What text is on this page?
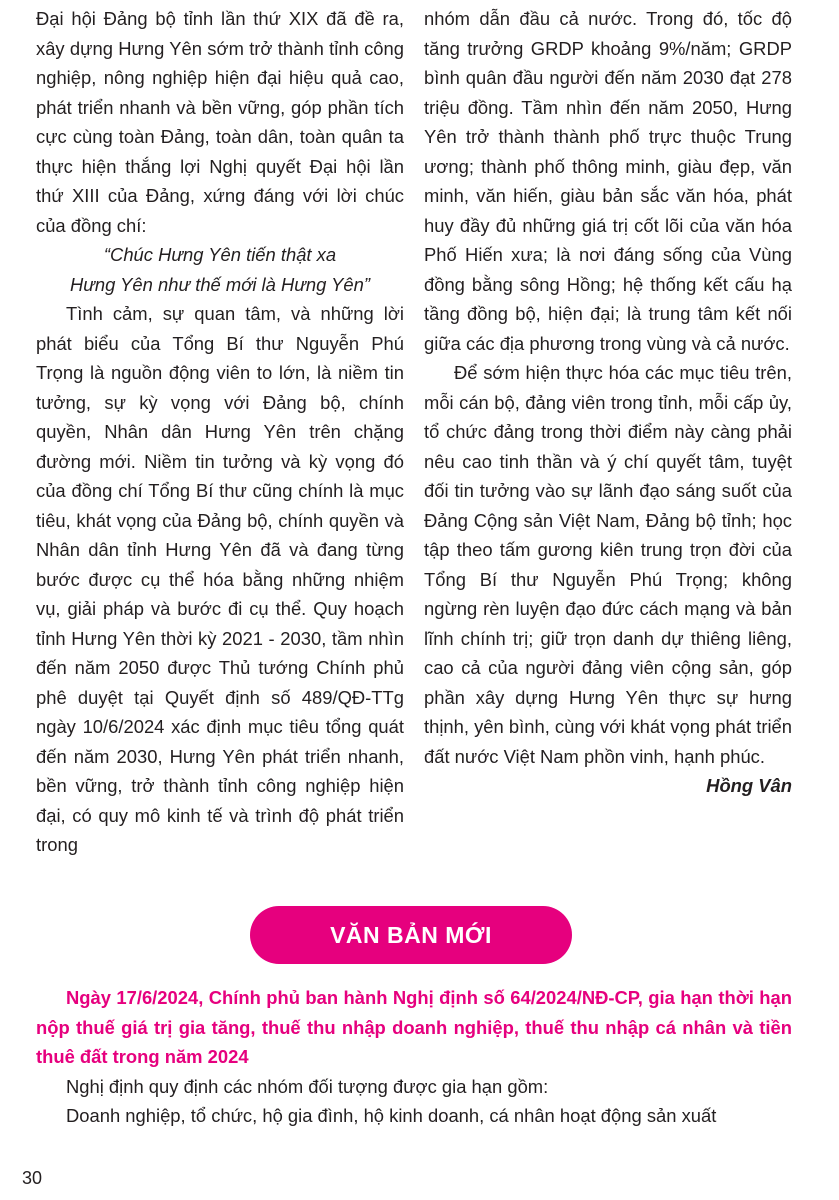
Đại hội Đảng bộ tỉnh lần thứ XIX đã đề ra, xây dựng Hưng Yên sớm trở thành tỉnh công nghiệp, nông nghiệp hiện đại hiệu quả cao, phát triển nhanh và bền vững, góp phần tích cực cùng toàn Đảng, toàn dân, toàn quân ta thực hiện thắng lợi Nghị quyết Đại hội lần thứ XIII của Đảng, xứng đáng với lời chúc của đồng chí:

“Chúc Hưng Yên tiến thật xa

Hưng Yên như thế mới là Hưng Yên”

Tình cảm, sự quan tâm, và những lời phát biểu của Tổng Bí thư Nguyễn Phú Trọng là nguồn động viên to lớn, là niềm tin tưởng, sự kỳ vọng với Đảng bộ, chính quyền, Nhân dân Hưng Yên trên chặng đường mới. Niềm tin tưởng và kỳ vọng đó của đồng chí Tổng Bí thư cũng chính là mục tiêu, khát vọng của Đảng bộ, chính quyền và Nhân dân tỉnh Hưng Yên đã và đang từng bước được cụ thể hóa bằng những nhiệm vụ, giải pháp và bước đi cụ thể. Quy hoạch tỉnh Hưng Yên thời kỳ 2021 - 2030, tầm nhìn đến năm 2050 được Thủ tướng Chính phủ phê duyệt tại Quyết định số 489/QĐ-TTg ngày 10/6/2024 xác định mục tiêu tổng quát đến năm 2030, Hưng Yên phát triển nhanh, bền vững, trở thành tỉnh công nghiệp hiện đại, có quy mô kinh tế và trình độ phát triển trong

nhóm dẫn đầu cả nước. Trong đó, tốc độ tăng trưởng GRDP khoảng 9%/năm; GRDP bình quân đầu người đến năm 2030 đạt 278 triệu đồng. Tầm nhìn đến năm 2050, Hưng Yên trở thành thành phố trực thuộc Trung ương; thành phố thông minh, giàu đẹp, văn minh, văn hiến, giàu bản sắc văn hóa, phát huy đầy đủ những giá trị cốt lõi của văn hóa Phố Hiến xưa; là nơi đáng sống của Vùng đồng bằng sông Hồng; hệ thống kết cấu hạ tầng đồng bộ, hiện đại; là trung tâm kết nối giữa các địa phương trong vùng và cả nước.

Để sớm hiện thực hóa các mục tiêu trên, mỗi cán bộ, đảng viên trong tỉnh, mỗi cấp ủy, tổ chức đảng trong thời điểm này càng phải nêu cao tinh thần và ý chí quyết tâm, tuyệt đối tin tưởng vào sự lãnh đạo sáng suốt của Đảng Cộng sản Việt Nam, Đảng bộ tỉnh; học tập theo tấm gương kiên trung trọn đời của Tổng Bí thư Nguyễn Phú Trọng; không ngừng rèn luyện đạo đức cách mạng và bản lĩnh chính trị; giữ trọn danh dự thiêng liêng, cao cả của người đảng viên cộng sản, góp phần xây dựng Hưng Yên thực sự hưng thịnh, yên bình, cùng với khát vọng phát triển đất nước Việt Nam phồn vinh, hạnh phúc.

Hồng Vân

VĂN BẢN MỚI

Ngày 17/6/2024, Chính phủ ban hành Nghị định số 64/2024/NĐ-CP, gia hạn thời hạn nộp thuế giá trị gia tăng, thuế thu nhập doanh nghiệp, thuế thu nhập cá nhân và tiền thuê đất trong năm 2024

Nghị định quy định các nhóm đối tượng được gia hạn gồm:

Doanh nghiệp, tổ chức, hộ gia đình, hộ kinh doanh, cá nhân hoạt động sản xuất

30
